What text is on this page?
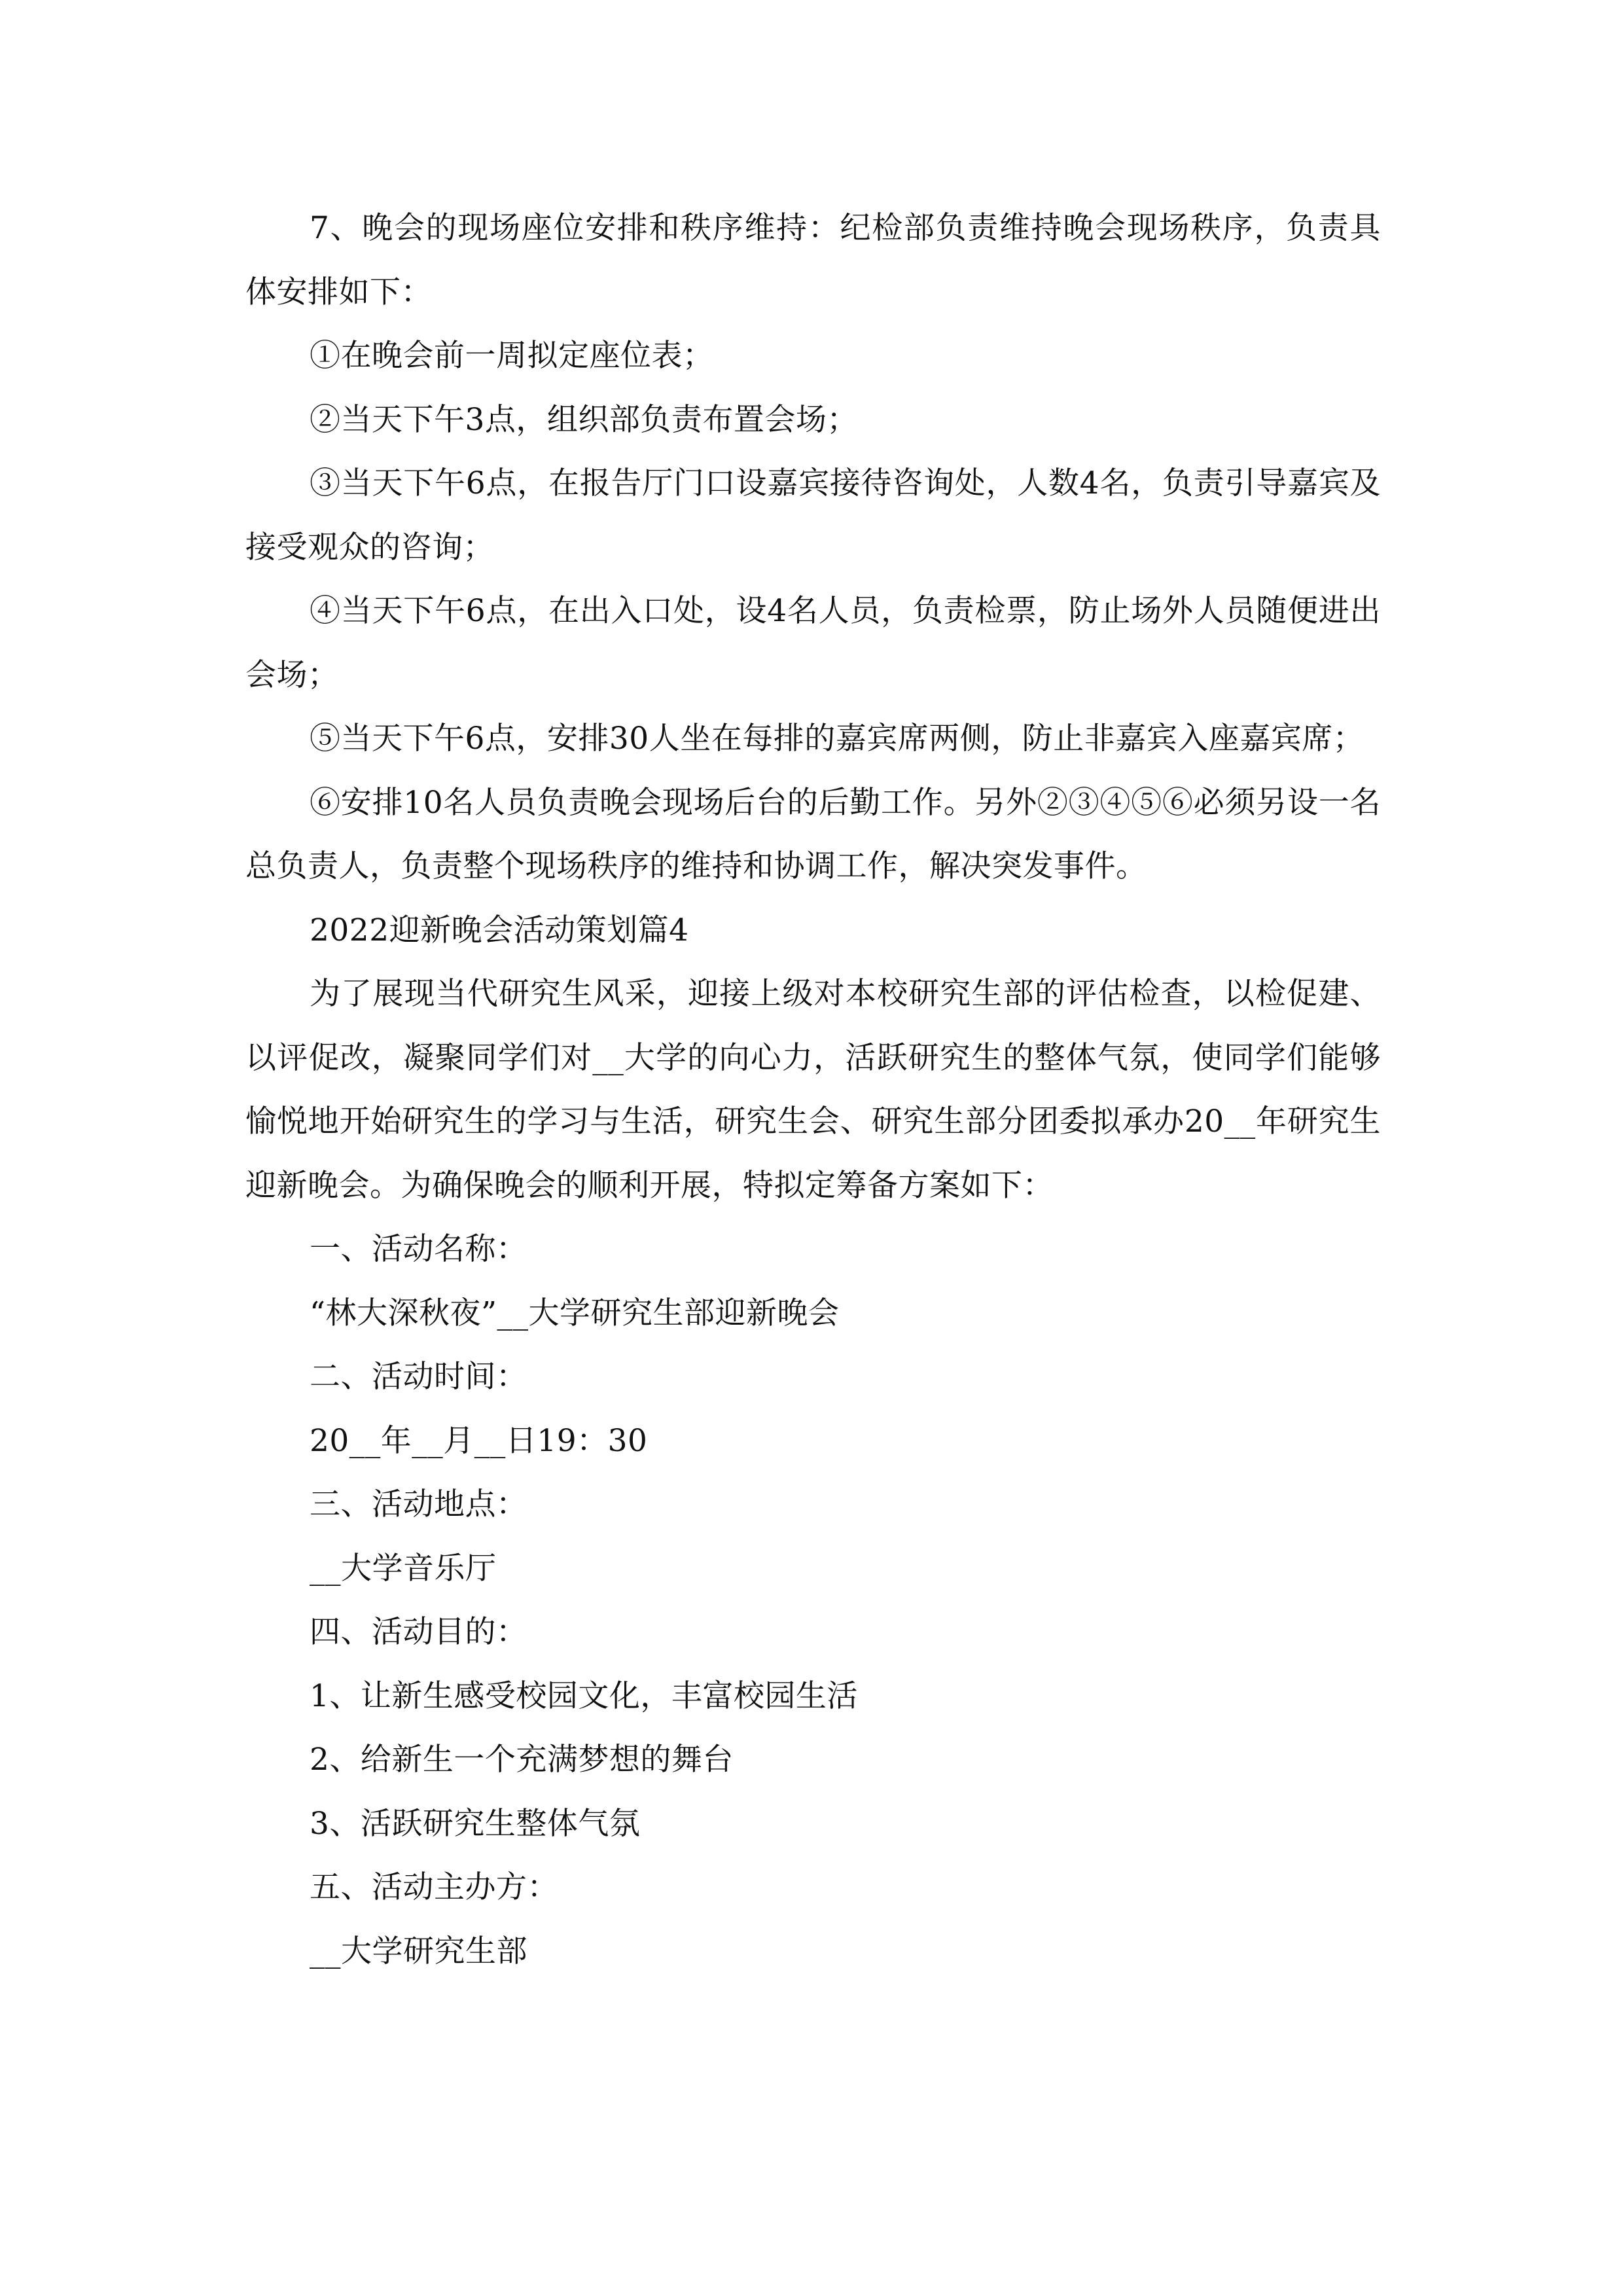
7、晚会的现场座位安排和秩序维持：纪检部负责维持晚会现场秩序，负责具体安排如下：

①在晚会前一周拟定座位表；

②当天下午3点，组织部负责布置会场；

③当天下午6点，在报告厅门口设嘉宾接待咨询处，人数4名，负责引导嘉宾及接受观众的咨询；

④当天下午6点，在出入口处，设4名人员，负责检票，防止场外人员随便进出会场；

⑤当天下午6点，安排30人坐在每排的嘉宾席两侧，防止非嘉宾入座嘉宾席；

⑥安排10名人员负责晚会现场后台的后勤工作。另外②③④⑤⑥必须另设一名总负责人，负责整个现场秩序的维持和协调工作，解决突发事件。

2022迎新晚会活动策划篇4

为了展现当代研究生风采，迎接上级对本校研究生部的评估检查，以检促建、以评促改，凝聚同学们对__大学的向心力，活跃研究生的整体气氛，使同学们能够愉悦地开始研究生的学习与生活，研究生会、研究生部分团委拟承办20__年研究生迎新晚会。为确保晚会的顺利开展，特拟定筹备方案如下：

一、活动名称：

“林大深秋夜”__大学研究生部迎新晚会

二、活动时间：

20__年__月__日19：30

三、活动地点：

__大学音乐厅

四、活动目的：

1、让新生感受校园文化，丰富校园生活

2、给新生一个充满梦想的舞台

3、活跃研究生整体气氛

五、活动主办方：

__大学研究生部
